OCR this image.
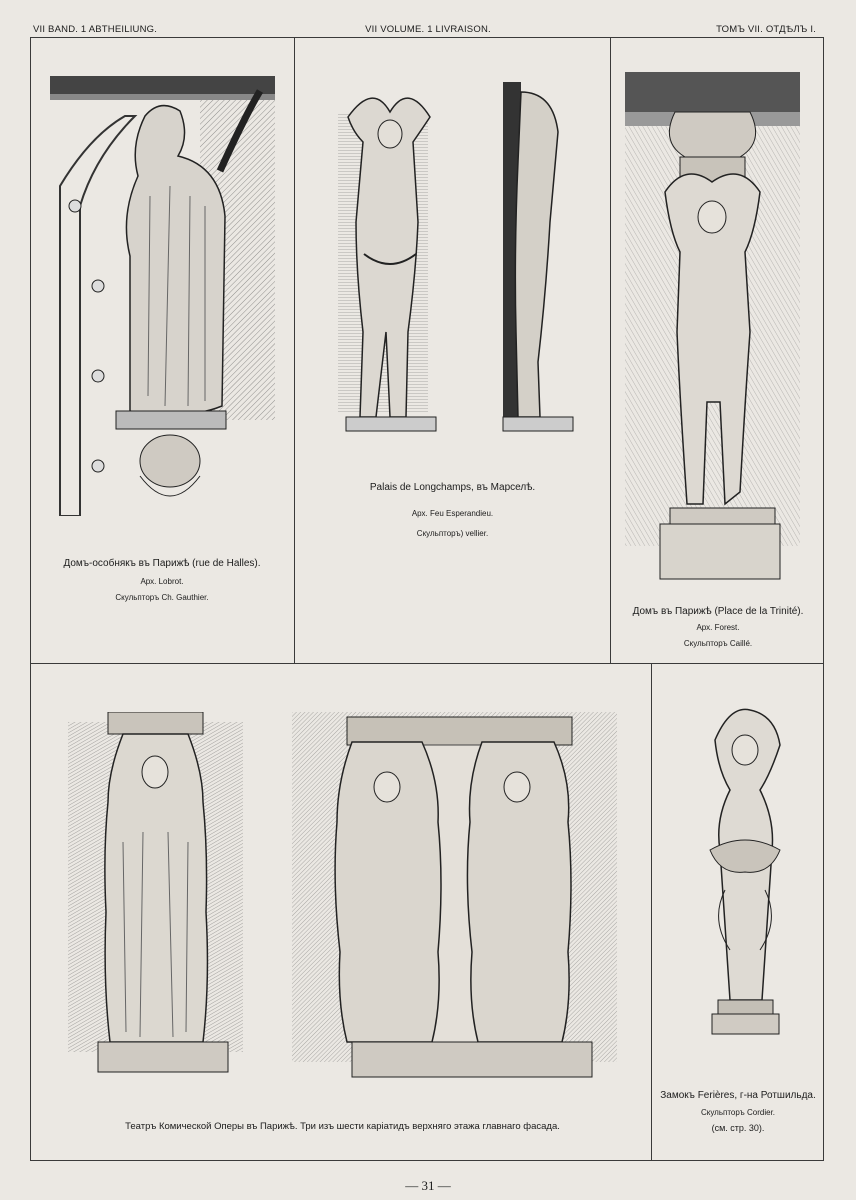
VII BAND. 1 ABTHEILIUNG.	VII VOLUME. 1 LIVRAISON.	ТОМЪ VII. ОТДѢЛЪ I.
Домъ-особнякъ въ Парижѣ (rue de Halles).
Арх. Lobrot.
Скульпторъ Ch. Gauthier.
Palais de Longchamps, въ Марселѣ.
Арх. Feu Esperandieu.
Скульпторъ) vellier.
Домъ въ Парижѣ (Place de la Trinité).
Арх. Forest.
Скульпторъ Caillé.
Театръ Комической Оперы въ Парижѣ. Три изъ шести каріатидъ верхняго этажа главнаго фасада.
Замокъ Ferières, г-на Ротшильда.
Скульпторъ Cordier.
(см. стр. 30).
— 31 —
